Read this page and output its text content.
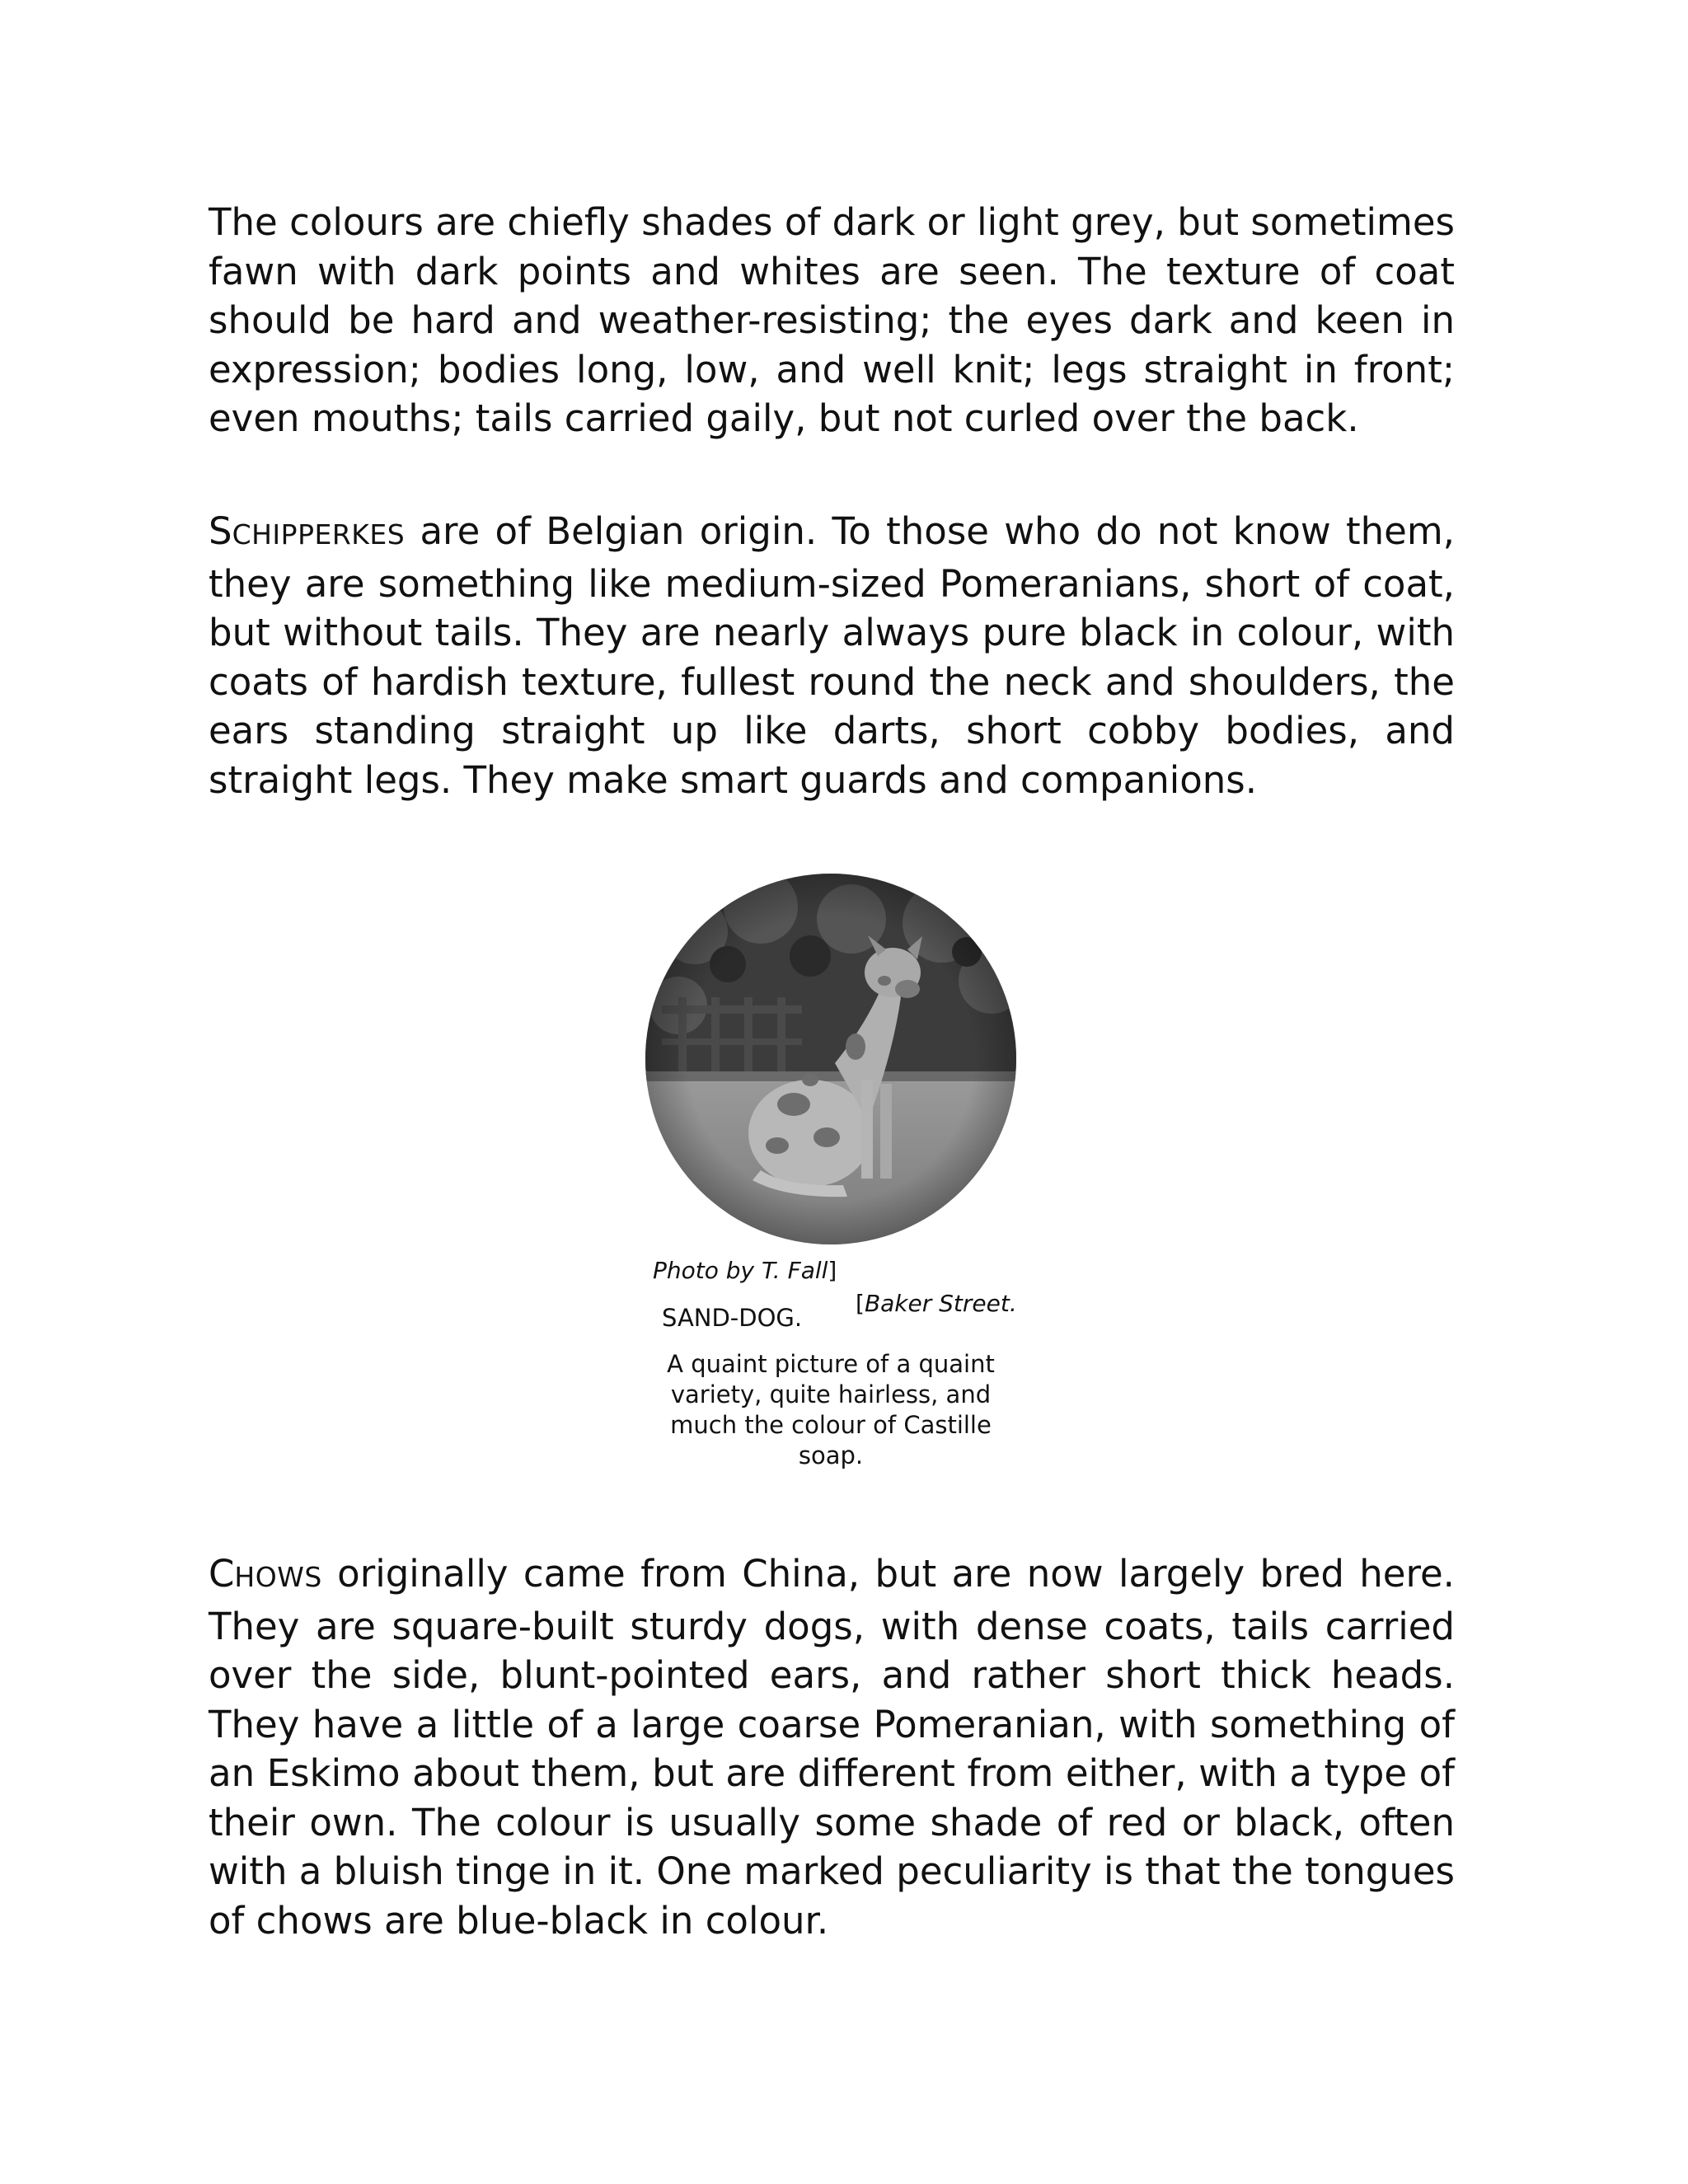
The colours are chiefly shades of dark or light grey, but sometimes fawn with dark points and whites are seen. The texture of coat should be hard and weather-resisting; the eyes dark and keen in expression; bodies long, low, and well knit; legs straight in front; even mouths; tails carried gaily, but not curled over the back.

SCHIPPERKES are of Belgian origin. To those who do not know them, they are something like medium-sized Pomeranians, short of coat, but without tails. They are nearly always pure black in colour, with coats of hardish texture, fullest round the neck and shoulders, the ears standing straight up like darts, short cobby bodies, and straight legs. They make smart guards and companions.

Photo by T. Fall]
SAND-DOG.
[Baker Street.
A quaint picture of a quaint variety, quite hairless, and much the colour of Castille soap.

CHOWS originally came from China, but are now largely bred here. They are square-built sturdy dogs, with dense coats, tails carried over the side, blunt-pointed ears, and rather short thick heads. They have a little of a large coarse Pomeranian, with something of an Eskimo about them, but are different from either, with a type of their own. The colour is usually some shade of red or black, often with a bluish tinge in it. One marked peculiarity is that the tongues of chows are blue-black in colour.
